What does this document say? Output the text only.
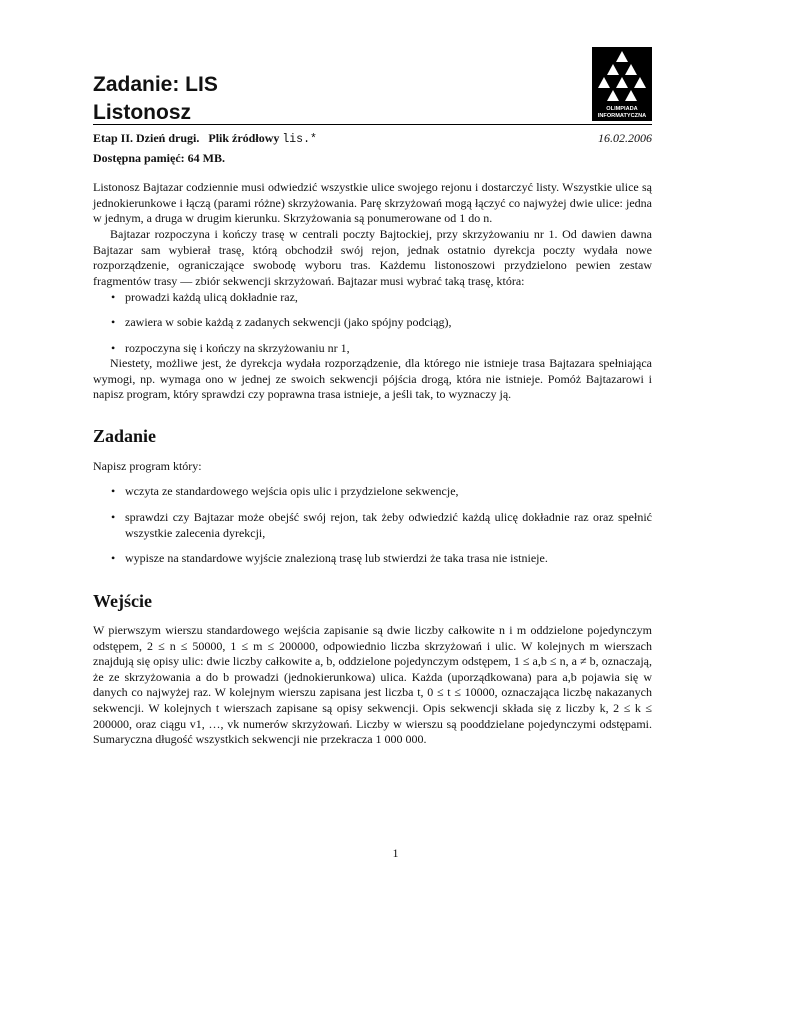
Zadanie: LIS
Listonosz	OLIMPIADA
INFORMATYCZNA
Etap II. Dzień drugi. Plik źródłowy lis.*	16.02.2006
Dostępna pamięć: 64 MB.

Listonosz Bajtazar codziennie musi odwiedzić wszystkie ulice swojego rejonu i dostarczyć listy. Wszystkie ulice są jednokierunkowe i łączą (parami różne) skrzyżowania. Parę skrzyżowań mogą łączyć co najwyżej dwie ulice: jedna w jednym, a druga w drugim kierunku. Skrzyżowania są ponumerowane od 1 do n.

Bajtazar rozpoczyna i kończy trasę w centrali poczty Bajtockiej, przy skrzyżowaniu nr 1. Od dawien dawna Bajtazar sam wybierał trasę, którą obchodził swój rejon, jednak ostatnio dyrekcja poczty wydała nowe rozporządzenie, ograniczające swobodę wyboru tras. Każdemu listonoszowi przydzielono pewien zestaw fragmentów trasy — zbiór sekwencji skrzyżowań. Bajtazar musi wybrać taką trasę, która:

• prowadzi każdą ulicą dokładnie raz,
• zawiera w sobie każdą z zadanych sekwencji (jako spójny podciąg),
• rozpoczyna się i kończy na skrzyżowaniu nr 1,

Niestety, możliwe jest, że dyrekcja wydała rozporządzenie, dla którego nie istnieje trasa Bajtazara spełniająca wymogi, np. wymaga ono w jednej ze swoich sekwencji pójścia drogą, która nie istnieje. Pomóż Bajtazarowi i napisz program, który sprawdzi czy poprawna trasa istnieje, a jeśli tak, to wyznaczy ją.

Zadanie

Napisz program który:

• wczyta ze standardowego wejścia opis ulic i przydzielone sekwencje,
• sprawdzi czy Bajtazar może obejść swój rejon, tak żeby odwiedzić każdą ulicę dokładnie raz oraz spełnić wszystkie zalecenia dyrekcji,
• wypisze na standardowe wyjście znalezioną trasę lub stwierdzi że taka trasa nie istnieje.
Wejście

W pierwszym wierszu standardowego wejścia zapisanie są dwie liczby całkowite n i m oddzielone pojedynczym odstępem, 2 ≤ n ≤ 50000, 1 ≤ m ≤ 200000, odpowiednio liczba skrzyżowań i ulic. W kolejnych m wierszach znajdują się opisy ulic: dwie liczby całkowite a, b, oddzielone pojedynczym odstępem, 1 ≤ a,b ≤ n, a ≠ b, oznaczają, że ze skrzyżowania a do b prowadzi (jednokierunkowa) ulica. Każda (uporządkowana) para a,b pojawia się w danych co najwyżej raz. W kolejnym wierszu zapisana jest liczba t, 0 ≤ t ≤ 10000, oznaczająca liczbę nakazanych sekwencji. W kolejnych t wierszach zapisane są opisy sekwencji. Opis sekwencji składa się z liczby k, 2 ≤ k ≤ 200000, oraz ciągu v1, …, vk numerów skrzyżowań. Liczby w wierszu są pooddzielane pojedynczymi odstępami. Sumaryczna długość wszystkich sekwencji nie przekracza 1 000 000.

1
